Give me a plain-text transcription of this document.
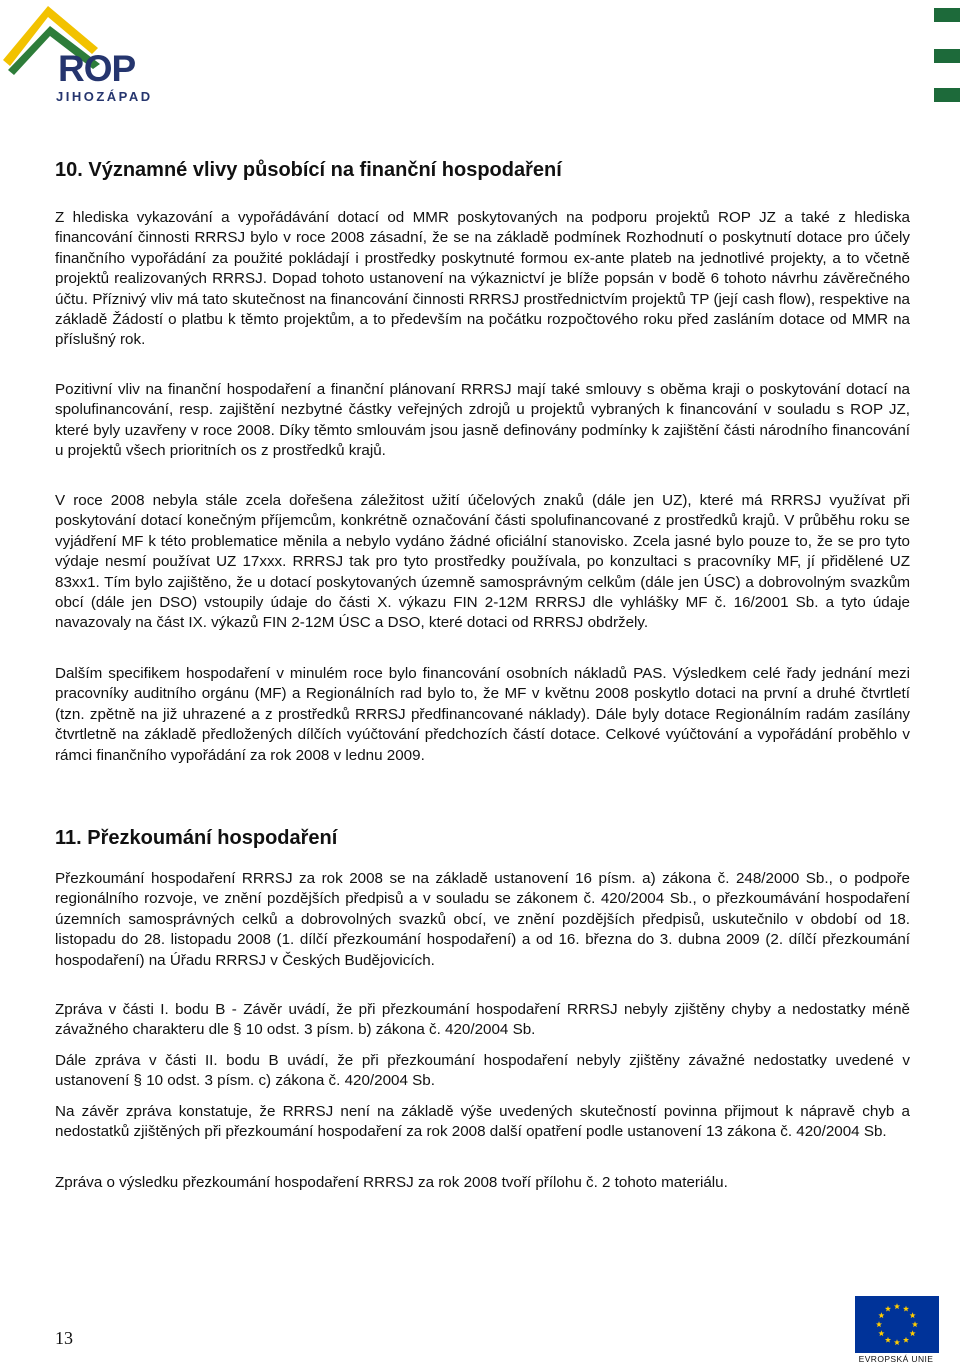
ROP
JIHOZÁPAD
10. Významné vlivy působící na finanční hospodaření

Z hlediska vykazování a vypořádávání dotací od MMR poskytovaných na podporu projektů ROP JZ a také z hlediska financování činnosti RRRSJ bylo v roce 2008 zásadní, že se na základě podmínek Rozhodnutí o poskytnutí dotace pro účely finančního vypořádání za použité pokládají i prostředky poskytnuté formou ex-ante plateb na jednotlivé projekty, a to včetně projektů realizovaných RRRSJ. Dopad tohoto ustanovení na výkaznictví je blíže popsán v bodě 6 tohoto návrhu závěrečného účtu. Příznivý vliv má tato skutečnost na financování činnosti RRRSJ prostřednictvím projektů TP (její cash flow), respektive na základě Žádostí o platbu k těmto projektům, a to především na počátku rozpočtového roku před zasláním dotace od MMR na příslušný rok.

Pozitivní vliv na finanční hospodaření a finanční plánovaní RRRSJ mají také smlouvy s oběma kraji o poskytování dotací na spolufinancování, resp. zajištění nezbytné částky veřejných zdrojů u projektů vybraných k financování v souladu s ROP JZ, které byly uzavřeny v roce 2008. Díky těmto smlouvám jsou jasně definovány podmínky k zajištění části národního financování u projektů všech prioritních os z prostředků krajů.

V roce 2008 nebyla stále zcela dořešena záležitost užití účelových znaků (dále jen UZ), které má RRRSJ využívat při poskytování dotací konečným příjemcům, konkrétně označování části spolufinancované z prostředků krajů. V průběhu roku se vyjádření MF k této problematice měnila a nebylo vydáno žádné oficiální stanovisko. Zcela jasné bylo pouze to, že se pro tyto výdaje nesmí používat UZ 17xxx. RRRSJ tak pro tyto prostředky používala, po konzultaci s pracovníky MF, jí přidělené UZ 83xx1. Tím bylo zajištěno, že u dotací poskytovaných územně samosprávným celkům (dále jen ÚSC) a dobrovolným svazkům obcí (dále jen DSO) vstoupily údaje do části X. výkazu FIN 2-12M RRRSJ dle vyhlášky MF č. 16/2001 Sb. a tyto údaje navazovaly na část IX. výkazů FIN 2-12M ÚSC a DSO, které dotaci od RRRSJ obdržely.

Dalším specifikem hospodaření v minulém roce bylo financování osobních nákladů PAS. Výsledkem celé řady jednání mezi pracovníky auditního orgánu (MF) a Regionálních rad bylo to, že MF v květnu 2008 poskytlo dotaci na první a druhé čtvrtletí (tzn. zpětně na již uhrazené a z prostředků RRRSJ předfinancované náklady). Dále byly dotace Regionálním radám zasílány čtvrtletně na základě předložených dílčích vyúčtování předchozích částí dotace. Celkové vyúčtování a vypořádání proběhlo v rámci finančního vypořádání za rok 2008 v lednu 2009.

11. Přezkoumání hospodaření

Přezkoumání hospodaření RRRSJ za rok 2008 se na základě ustanovení 16 písm. a) zákona č. 248/2000 Sb., o podpoře regionálního rozvoje, ve znění pozdějších předpisů a v souladu se zákonem č. 420/2004 Sb., o přezkoumávání hospodaření územních samosprávných celků a dobrovolných svazků obcí, ve znění pozdějších předpisů, uskutečnilo v období od 18. listopadu do 28. listopadu 2008 (1. dílčí přezkoumání hospodaření) a od 16. března do 3. dubna 2009 (2. dílčí přezkoumání hospodaření) na Úřadu RRRSJ v Českých Budějovicích.

Zpráva v části I. bodu B - Závěr uvádí, že při přezkoumání hospodaření RRRSJ nebyly zjištěny chyby a nedostatky méně závažného charakteru dle § 10 odst. 3 písm. b) zákona č. 420/2004 Sb.

Dále zpráva v části II. bodu B uvádí, že při přezkoumání hospodaření nebyly zjištěny závažné nedostatky uvedené v ustanovení § 10 odst. 3 písm. c) zákona č. 420/2004 Sb.

Na závěr zpráva konstatuje, že RRRSJ není na základě výše uvedených skutečností povinna přijmout k nápravě chyb a nedostatků zjištěných při přezkoumání hospodaření za rok 2008 další opatření podle ustanovení 13 zákona č. 420/2004 Sb.

Zpráva o výsledku přezkoumání hospodaření RRRSJ za rok 2008 tvoří přílohu č. 2 tohoto materiálu.

13
EVROPSKÁ UNIE
